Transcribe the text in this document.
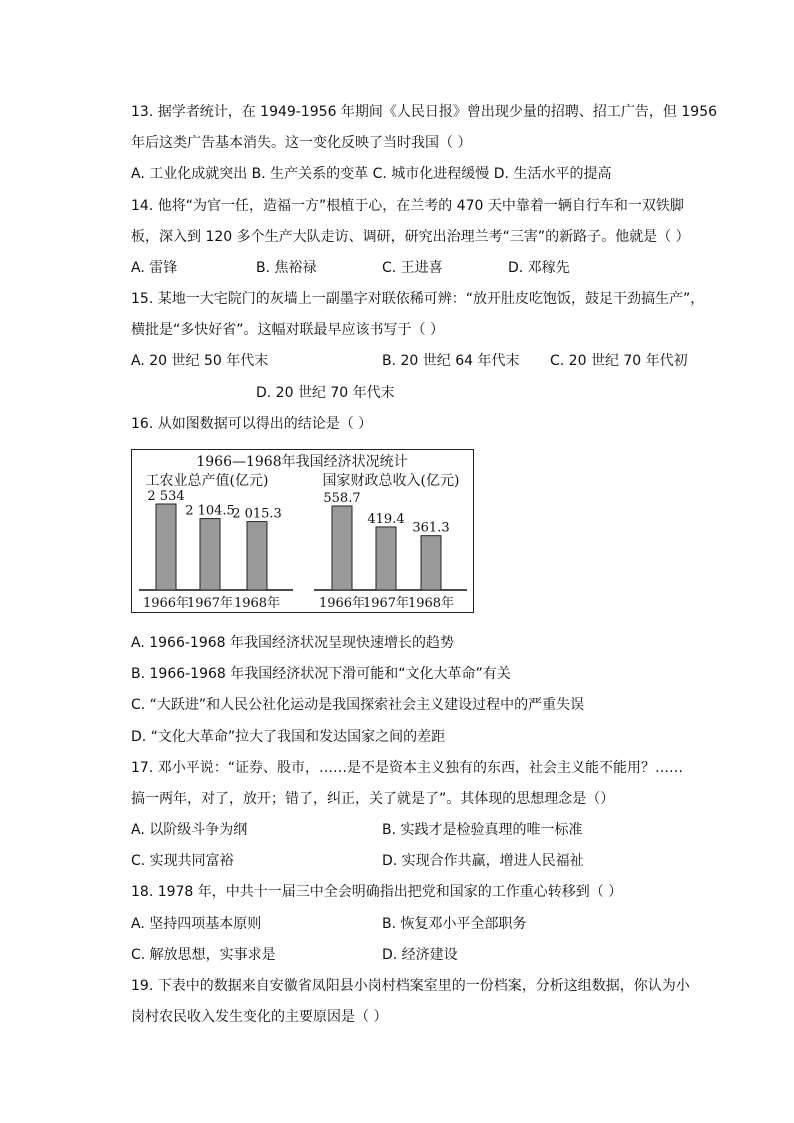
13. 据学者统计，在 1949-1956 年期间《人民日报》曾出现少量的招聘、招工广告，但 1956
年后这类广告基本消失。这一变化反映了当时我国（ ）
A. 工业化成就突出 B. 生产关系的变革 C. 城市化进程缓慢 D. 生活水平的提高
14. 他将“为官一任，造福一方”根植于心，在兰考的 470 天中靠着一辆自行车和一双铁脚
板，深入到 120 多个生产大队走访、调研，研究出治理兰考“三害”的新路子。他就是（ ）
A. 雷锋	B. 焦裕禄	C. 王进喜	D. 邓稼先
15. 某地一大宅院门的灰墙上一副墨字对联依稀可辨：“放开肚皮吃饱饭，鼓足干劲搞生产”，
横批是“多快好省”。这幅对联最早应该书写于（ ）
A. 20 世纪 50 年代末	B. 20 世纪 64 年代末 C. 20 世纪 70 年代初
D. 20 世纪 70 年代末
16. 从如图数据可以得出的结论是（ ）
1966—1968年我国经济状况统计
工农业总产值(亿元)	国家财政总收入(亿元)
2 534
1966年
2 104.5
1967年
2 015.3
1968年
558.7
1966年
419.4
1967年
361.3
1968年
A. 1966-1968 年我国经济状况呈现快速增长的趋势
B. 1966-1968 年我国经济状况下滑可能和“文化大革命”有关
C. “大跃进”和人民公社化运动是我国探索社会主义建设过程中的严重失误
D. “文化大革命”拉大了我国和发达国家之间的差距
17. 邓小平说：“证券、股市，……是不是资本主义独有的东西，社会主义能不能用？……
搞一两年，对了，放开；错了，纠正，关了就是了”。其体现的思想理念是（）
A. 以阶级斗争为纲	B. 实践才是检验真理的唯一标准
C. 实现共同富裕	D. 实现合作共赢，增进人民福祉
18. 1978 年，中共十一届三中全会明确指出把党和国家的工作重心转移到（ ）
A. 坚持四项基本原则	B. 恢复邓小平全部职务
C. 解放思想，实事求是	D. 经济建设
19. 下表中的数据来自安徽省凤阳县小岗村档案室里的一份档案，分析这组数据，你认为小
岗村农民收入发生变化的主要原因是（ ）
